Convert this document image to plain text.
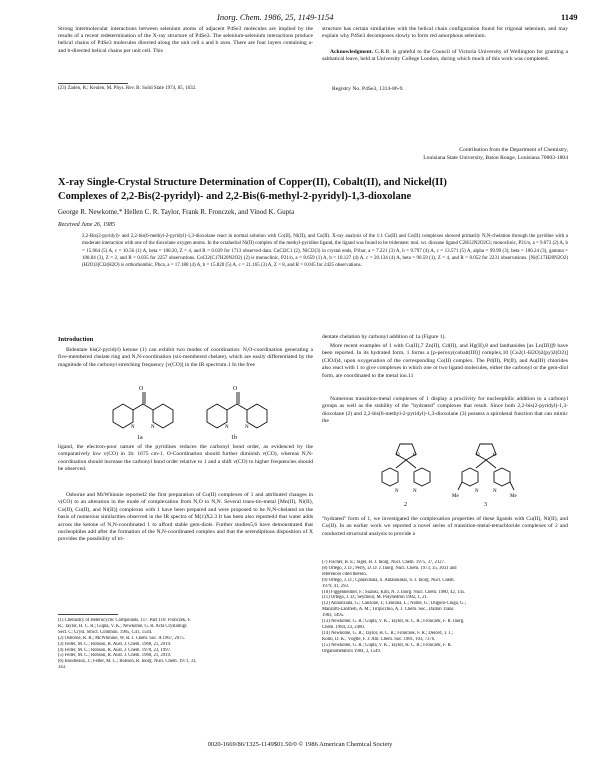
Inorg. Chem. 1986, 25, 1149-1154	1149
Strong intermolecular interactions between selenium atoms of adjacent P4Se3 molecules are implied by the results of a recent redetermination of the X-ray structure of P4Se3. The selenium-selenium interactions produce helical chains of P4Se3 molecules directed along the unit cell a and b axes. There are four layers containing a- and b-directed helical chains per unit cell. This
(23) Zaden, R.; Keulen, M. Phys. Rev. B: Solid State 1974, 85, 1632.
structure has certain similarities with the helical chain configuration found for trigonal selenium, and may explain why P4Se3 decomposes slowly to form red amorphous selenium.
Acknowledgment. G.R.B. is grateful to the Council of Victoria University of Wellington for granting a sabbatical leave, held at University College London, during which much of this work was completed.
Registry No. P4Se3, 1314-86-9.
Contribution from the Department of Chemistry,
Louisiana State University, Baton Rouge, Louisiana 70803-1804
X-ray Single-Crystal Structure Determination of Copper(II), Cobalt(II), and Nickel(II)
Complexes of 2,2-Bis(2-pyridyl)- and 2,2-Bis(6-methyl-2-pyridyl)-1,3-dioxolane
George R. Newkome,* Hellen C. R. Taylor, Frank R. Fronczek, and Vinod K. Gupta
Received June 26, 1985
2,2-Bis(2-pyridyl)- and 2,2-bis(6-methyl-2-pyridyl)-1,3-dioxolane react in normal solution with Co(II), Ni(II), and Cu(II). X-ray analysis of the 1:1 Cu(II) and Co(II) complexes showed primarily N,N-chelation through the pyridine with a moderate interaction with one of the dioxolane oxygen atoms. In the octahedral Ni(II) complex of the methyl-pyridine ligand, the ligand was found to be tridentate: mol. wt. dioxane ligand C2H12N2O2Cl; monoclinic, P21/n, a = 9.073 (2) A, b = 15.964 (5) A, c = 10.56 (1) A, beta = 108.20, Z = 4, and R = 0.039 for 1713 observed data. CuCl2C1 (2), NiCl2(3) in crystal ends, P1bar, a = 7.221 (3) A, b = 9.797 (4) A, c = 13.571 (5) A, alpha = 99.99 (3), beta = 100.24 (3), gamma = 108.04 (3), Z = 2, and R = 0.035 for 2257 observations. CoCl2(C17H20N2O2) (2) is monoclinic, P21/n, a = 8.659 (1) A, b = 10.127 (4) A, c = 20.134 (4) A, beta = 90.59 (1), Z = 4, and R = 0.052 for 2231 observations. [Ni(C17H20N2O2)(H2O)3]Cl2(H2O) is orthorhombic, Pbca, a = 17.188 (4) A, b = 15.820 (5) A, c = 21.165 (3) A, Z = 8, and R = 0.045 for 2425 observations.
Introduction
Bidentate bis(2-pyridyl) ketone (1) can exhibit two modes of coordination: N,O-coordination generating a five-membered chelate ring and N,N-coordination (six-membered chelate), which are easily differentiated by the magnitude of the carbonyl stretching frequency [v(CO)] in the IR spectrum.1 In the free
O	O
N	N	N	N
1a	1b
ligand, the electron-poor nature of the pyridines reduces the carbonyl bond order, as evidenced by the comparatively low v(CO) in 1b: 1675 cm-1. O-Coordination should further diminish v(CO), whereas N,N-coordination should increase the carbonyl bond order relative to 1 and a shift v(CO) to higher frequencies should be observed.
Osborne and McWhinnie reported2 the first preparation of Cu(II) complexes of 1 and attributed changes in v(CO) to an alteration in the mode of complexation from N,O to N,N. Several trans-tin-metal [Mn(II), Ni(II), Co(II), Cu(II), and Ni(II)] complexes with 1 have been prepared and were proposed to be N,N-chelated on the basis of numerous similarities observed in the IR spectra of M(1)X2.3 It has been also reported4 that water adds across the ketone of N,N-coordinated 1 to afford stable gem-diols. Further studies5,6 have demonstrated that nucleophiles add after the formation of the N,N-coordinated complex and that the serendipitous disposition of X provides the possibility of tri-
dentate chelation by carbonyl addition of 1a (Figure 1).
More recent examples of 1 with Cu(II),7 Zn(II), Cd(II), and Hg(II),8 and lanthanides [as Ln(III)]9 have been reported. In its hydrated form, 1 forms a [p-peroxy(cobalt(III)] complex,10 [Co2(1-H2O)2(py)2(O2)](ClO4)4, upon oxygenation of the corresponding Co(II) complex. The Pd(II), Pt(II), and Au(III) chlorides also react with 1 to give complexes in which one or two ligand molecules, either the carbonyl or the gem-diol form, are coordinated to the metal ion.11
Numerous transition-metal complexes of 1 display a proclivity for nucleophilic addition to a carbonyl groups as well as the stability of the "hydrated" complexes that result. Since both 2,2-bis(2-pyridyl)-1,3-dioxolane (2) and 2,2-bis(6-methyl-2-pyridyl)-1,3-dioxolane (3) possess a spiroketal function that can mimic the
O	O	O	O
N	N	N	N
Me	Me
2	3
"hydrated" form of 1, we investigated the complexation properties of these ligands with Cu(II), Ni(II), and Co(II). In an earlier work we reported a novel series of transition-metal-tetrachloride complexes of 2 and conducted structural analysis to provide a
(1) Chemistry of Heterocyclic Compounds. 117. Part 116: Fronczek, F.
R.; Taylor, H. C. R.; Gupta, V. K.; Newkome, G. R. Acta Crystallogr.
Sect. C: Cryst. Struct. Commun. 1985, C41, 1544.
(2) Osborne, R. R.; McWhinnie, W. R. J. Chem. Soc. A 1967, 2075.
(3) Feller, M. C.; Robson, R. Aust. J. Chem. 1968, 21, 2919.
(4) Feller, M. C.; Robson, R. Aust. J. Chem. 1970, 23, 1997.
(5) Feller, M. C.; Robson, R. Aust. J. Chem. 1968, 21, 2919.
(6) Boudreaux, J.; Feller, M. C.; Robson, R. Inorg. Nucl. Chem. 1971, 33,
343.
(7) Fischer, B. E.; Sigel, H. J. Inorg. Nucl. Chem. 1975, 37, 2127.
(8) Ortego, J. D.; Perry, D. D. J. Inorg. Nucl. Chem. 1973, 35, 3031 and
references cited therein.
(9) Ortego, J. D.; Cpalavanna, S. Antanolakis, S. J. Inorg. Nucl. Chem.
1979, 41, 293.
(10) Figgenheimer, F.; Suzuki, Kim, N. J. Inorg. Nucl. Chem. 1980, 42, 145.
(11) Ortego, J. D.; Seymour, M. Polyhedron 1982, 1, 21.
(12) Annunziata, G.; Canzone, I.; Cennina, L.; Natile, G.; Dugoni-Ciuga, G.;
Manzotti-Lanfredi, A. M.; Tiripicchio, A. J. Chem. Soc., Dalton Trans.
1983, 1495.
(13) Newkome, G. R.; Gupta, V. K.; Taylor, H. C. R.; Fronczek, F. R. Inorg.
Chem. 1984, 23, 2400.
(14) Newkome, G. R.; Taylor, H. C. R.; Fronczek, F. R.; Delord, T. J.;
Kohli, D. K.; Vögtle, F. J. Am. Chem. Soc. 1981, 103, 7376.
(15) Newkome, G. R.; Gupta, V. K.; Taylor, H. C. R.; Fronczek, F. R.
Organometallics 1984, 3, 1549.
0020-1669/86/1325-1149$01.50/0 © 1986 American Chemical Society
